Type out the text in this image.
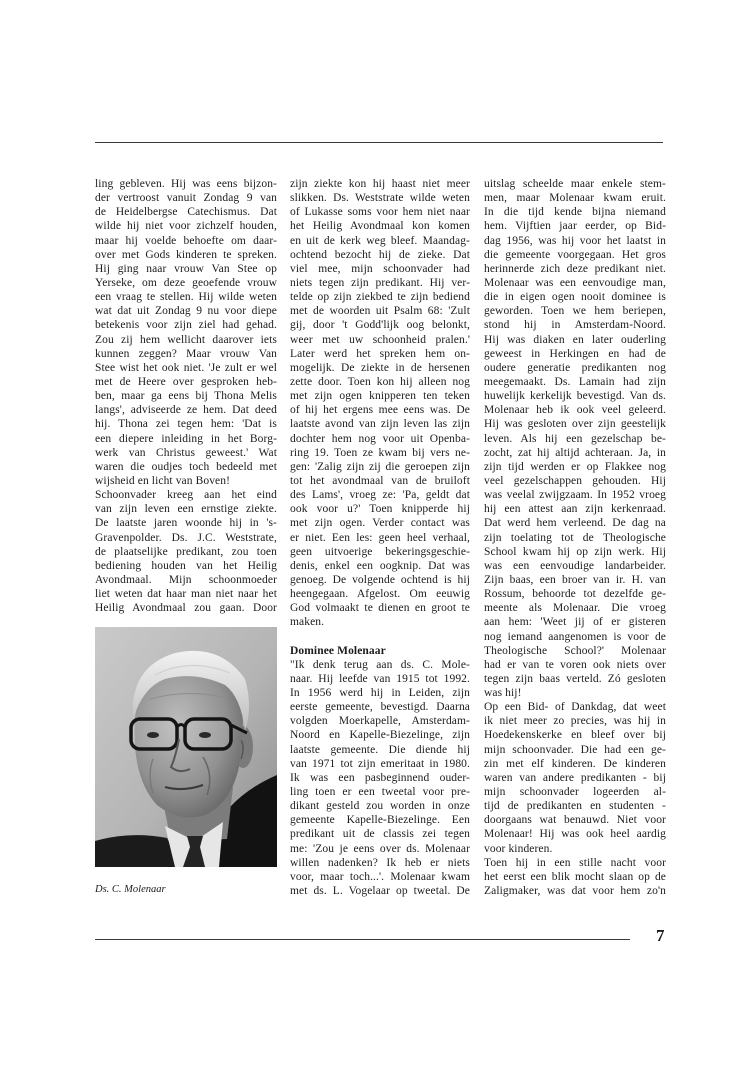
ling gebleven. Hij was eens bijzon-
der vertroost vanuit Zondag 9 van
de Heidelbergse Catechismus. Dat
wilde hij niet voor zichzelf houden,
maar hij voelde behoefte om daar-
over met Gods kinderen te spreken.
Hij ging naar vrouw Van Stee op
Yerseke, om deze geoefende vrouw
een vraag te stellen. Hij wilde weten
wat dat uit Zondag 9 nu voor diepe
betekenis voor zijn ziel had gehad.
Zou zij hem wellicht daarover iets
kunnen zeggen? Maar vrouw Van
Stee wist het ook niet. 'Je zult er wel
met de Heere over gesproken heb-
ben, maar ga eens bij Thona Melis
langs', adviseerde ze hem. Dat deed
hij. Thona zei tegen hem: 'Dat is
een diepere inleiding in het Borg-
werk van Christus geweest.' Wat
waren die oudjes toch bedeeld met
wijsheid en licht van Boven!
Schoonvader kreeg aan het eind
van zijn leven een ernstige ziekte.
De laatste jaren woonde hij in 's-
Gravenpolder. Ds. J.C. Weststrate,
de plaatselijke predikant, zou toen
bediening houden van het Heilig
Avondmaal. Mijn schoonmoeder
liet weten dat haar man niet naar het
Heilig Avondmaal zou gaan. Door
zijn ziekte kon hij haast niet meer
slikken. Ds. Weststrate wilde weten
of Lukasse soms voor hem niet naar
het Heilig Avondmaal kon komen
en uit de kerk weg bleef. Maandag-
ochtend bezocht hij de zieke. Dat
viel mee, mijn schoonvader had
niets tegen zijn predikant. Hij ver-
telde op zijn ziekbed te zijn bediend
met de woorden uit Psalm 68: 'Zult
gij, door 't Godd'lijk oog belonkt,
weer met uw schoonheid pralen.'
Later werd het spreken hem on-
mogelijk. De ziekte in de hersenen
zette door. Toen kon hij alleen nog
met zijn ogen knipperen ten teken
of hij het ergens mee eens was. De
laatste avond van zijn leven las zijn
dochter hem nog voor uit Openba-
ring 19. Toen ze kwam bij vers ne-
gen: 'Zalig zijn zij die geroepen zijn
tot het avondmaal van de bruiloft
des Lams', vroeg ze: 'Pa, geldt dat
ook voor u?' Toen knipperde hij
met zijn ogen. Verder contact was
er niet. Een les: geen heel verhaal,
geen uitvoerige bekeringsgeschie-
denis, enkel een oogknip. Dat was
genoeg. De volgende ochtend is hij
heengegaan. Afgelost. Om eeuwig
God volmaakt te dienen en groot te
maken.
Dominee Molenaar
"Ik denk terug aan ds. C. Mole-
naar. Hij leefde van 1915 tot 1992.
In 1956 werd hij in Leiden, zijn
eerste gemeente, bevestigd. Daarna
volgden Moerkapelle, Amsterdam-
Noord en Kapelle-Biezelinge, zijn
laatste gemeente. Die diende hij
van 1971 tot zijn emeritaat in 1980.
Ik was een pasbeginnend ouder-
ling toen er een tweetal voor pre-
dikant gesteld zou worden in onze
gemeente Kapelle-Biezelinge. Een
predikant uit de classis zei tegen
me: 'Zou je eens over ds. Molenaar
willen nadenken? Ik heb er niets
voor, maar toch...'. Molenaar kwam
met ds. L. Vogelaar op tweetal. De
uitslag scheelde maar enkele stem-
men, maar Molenaar kwam eruit.
In die tijd kende bijna niemand
hem. Vijftien jaar eerder, op Bid-
dag 1956, was hij voor het laatst in
die gemeente voorgegaan. Het gros
herinnerde zich deze predikant niet.
Molenaar was een eenvoudige man,
die in eigen ogen nooit dominee is
geworden. Toen we hem beriepen,
stond hij in Amsterdam-Noord.
Hij was diaken en later ouderling
geweest in Herkingen en had de
oudere generatie predikanten nog
meegemaakt. Ds. Lamain had zijn
huwelijk kerkelijk bevestigd. Van ds.
Molenaar heb ik ook veel geleerd.
Hij was gesloten over zijn geestelijk
leven. Als hij een gezelschap be-
zocht, zat hij altijd achteraan. Ja, in
zijn tijd werden er op Flakkee nog
veel gezelschappen gehouden. Hij
was veelal zwijgzaam. In 1952 vroeg
hij een attest aan zijn kerkenraad.
Dat werd hem verleend. De dag na
zijn toelating tot de Theologische
School kwam hij op zijn werk. Hij
was een eenvoudige landarbeider.
Zijn baas, een broer van ir. H. van
Rossum, behoorde tot dezelfde ge-
meente als Molenaar. Die vroeg
aan hem: 'Weet jij of er gisteren
nog iemand aangenomen is voor de
Theologische School?' Molenaar
had er van te voren ook niets over
tegen zijn baas verteld. Zó gesloten
was hij!
Op een Bid- of Dankdag, dat weet
ik niet meer zo precies, was hij in
Hoedekenskerke en bleef over bij
mijn schoonvader. Die had een ge-
zin met elf kinderen. De kinderen
waren van andere predikanten - bij
mijn schoonvader logeerden al-
tijd de predikanten en studenten -
doorgaans wat benauwd. Niet voor
Molenaar! Hij was ook heel aardig
voor kinderen.
Toen hij in een stille nacht voor
het eerst een blik mocht slaan op de
Zaligmaker, was dat voor hem zo'n
Ds. C. Molenaar
7
